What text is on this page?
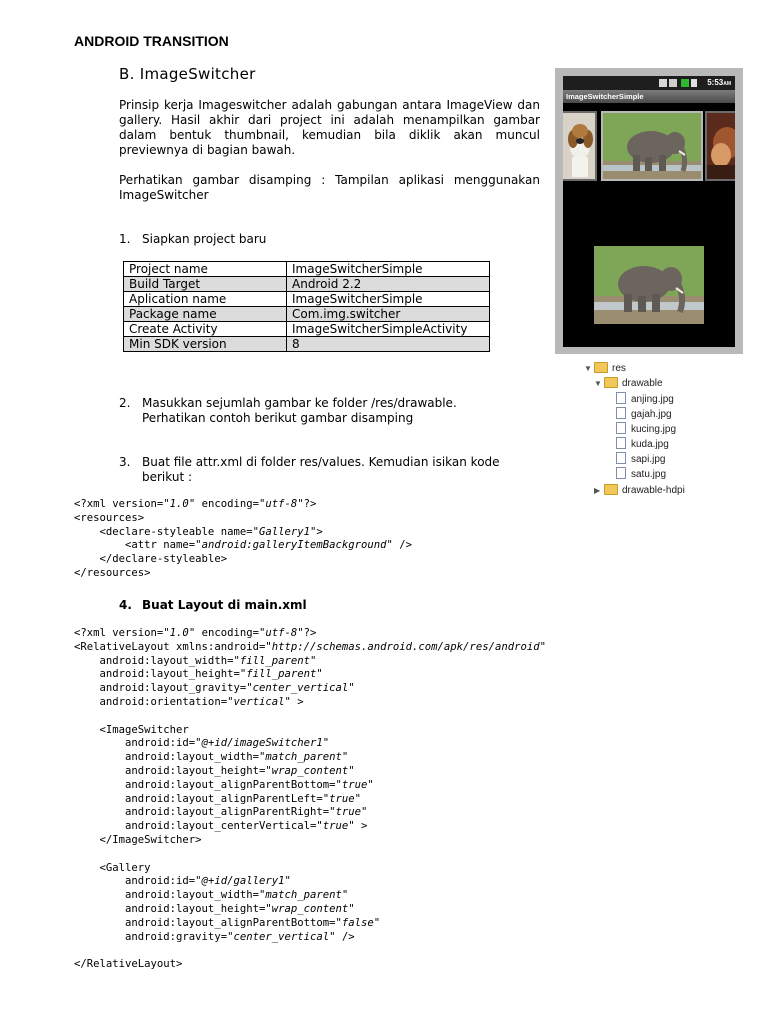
ANDROID TRANSITION
B. ImageSwitcher
Prinsip kerja Imageswitcher adalah gabungan antara ImageView dan gallery. Hasil akhir dari project ini adalah menampilkan gambar dalam bentuk thumbnail, kemudian bila diklik akan muncul previewnya di bagian bawah.
Perhatikan gambar disamping : Tampilan aplikasi menggunakan ImageSwitcher
1. Siapkan project baru
Project name	ImageSwitcherSimple
Build Target	Android 2.2
Aplication name	ImageSwitcherSimple
Package name	Com.img.switcher
Create Activity	ImageSwitcherSimpleActivity
Min SDK version	8
2. Masukkan sejumlah gambar ke folder /res/drawable.
Perhatikan contoh berikut gambar disamping
3. Buat file attr.xml di folder res/values. Kemudian isikan kode
berikut :
<?xml version="1.0" encoding="utf-8"?>
<resources>
<declare-styleable name="Gallery1">
<attr name="android:galleryItemBackground" />
</declare-styleable>
</resources>
4. Buat Layout di main.xml
<?xml version="1.0" encoding="utf-8"?>
<RelativeLayout xmlns:android="http://schemas.android.com/apk/res/android"
android:layout_width="fill_parent"
android:layout_height="fill_parent"
android:layout_gravity="center_vertical"
android:orientation="vertical" >

<ImageSwitcher
android:id="@+id/imageSwitcher1"
android:layout_width="match_parent"
android:layout_height="wrap_content"
android:layout_alignParentBottom="true"
android:layout_alignParentLeft="true"
android:layout_alignParentRight="true"
android:layout_centerVertical="true" >
</ImageSwitcher>

<Gallery
android:id="@+id/gallery1"
android:layout_width="match_parent"
android:layout_height="wrap_content"
android:layout_alignParentBottom="false"
android:gravity="center_vertical" />

</RelativeLayout>
5:53AM
ImageSwitcherSimple
▼ res
▼ drawable
anjing.jpg
gajah.jpg
kucing.jpg
kuda.jpg
sapi.jpg
satu.jpg
▶ drawable-hdpi
